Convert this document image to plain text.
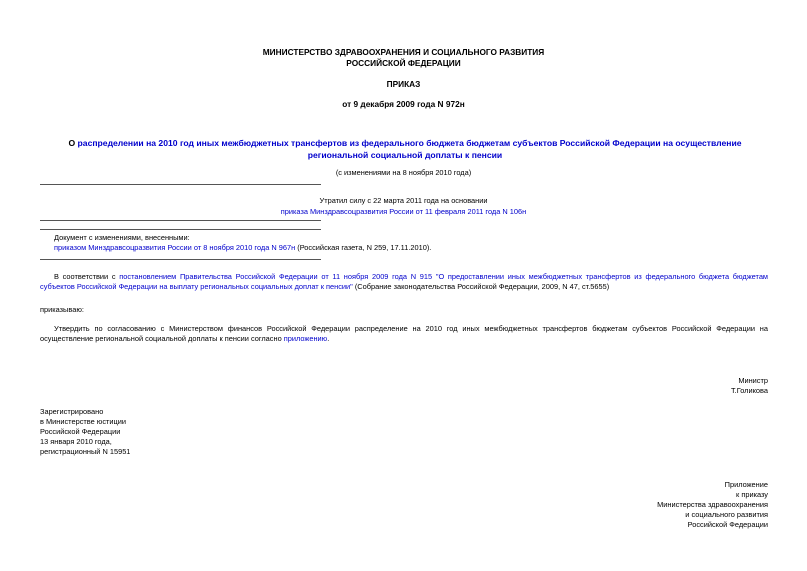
МИНИСТЕРСТВО ЗДРАВООХРАНЕНИЯ И СОЦИАЛЬНОГО РАЗВИТИЯ
РОССИЙСКОЙ ФЕДЕРАЦИИ
ПРИКАЗ
от 9 декабря 2009 года N 972н
О распределении на 2010 год иных межбюджетных трансфертов из федерального бюджета бюджетам субъектов Российской Федерации на осуществление региональной социальной доплаты к пенсии
(с изменениями на 8 ноября 2010 года)
Утратил силу с 22 марта 2011 года на основании
приказа Минздравсоцразвития России от 11 февраля 2011 года N 106н
Документ с изменениями, внесенными:
приказом Минздравсоцразвития России от 8 ноября 2010 года N 967н (Российская газета, N 259, 17.11.2010).
В соответствии с постановлением Правительства Российской Федерации от 11 ноября 2009 года N 915 "О предоставлении иных межбюджетных трансфертов из федерального бюджета бюджетам субъектов Российской Федерации на выплату региональных социальных доплат к пенсии" (Собрание законодательства Российской Федерации, 2009, N 47, ст.5655)
приказываю:
Утвердить по согласованию с Министерством финансов Российской Федерации распределение на 2010 год иных межбюджетных трансфертов бюджетам субъектов Российской Федерации на осуществление региональной социальной доплаты к пенсии согласно приложению.
Министр
Т.Голикова
Зарегистрировано
в Министерстве юстиции
Российской Федерации
13 января 2010 года,
регистрационный N 15951
Приложение
к приказу
Министерства здравоохранения
и социального развития
Российской Федерации
